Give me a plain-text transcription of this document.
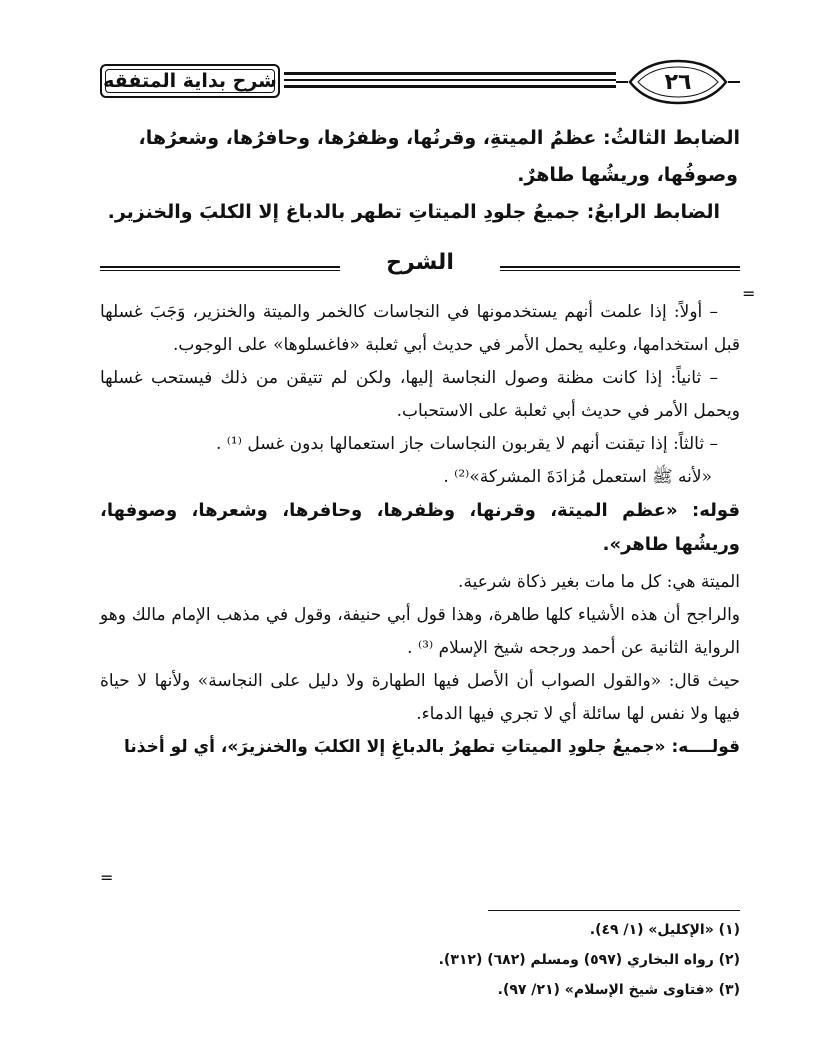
شرح بداية المتفقه	٢٦
الضابط الثالثُ: عظمُ الميتةِ، وقرنُها، وظفرُها، وحافرُها، وشعرُها،
وصوفُها، وريشُها طاهرٌ.
الضابط الرابعُ: جميعُ جلودِ الميتاتِ تطهر بالدباغ إلا الكلبَ والخنزير.
الشرح
=
– أولاً: إذا علمت أنهم يستخدمونها في النجاسات كالخمر والميتة والخنزير، وَجَبَ غسلها قبل استخدامها، وعليه يحمل الأمر في حديث أبي ثعلبة «فاغسلوها» على الوجوب.
– ثانياً: إذا كانت مظنة وصول النجاسة إليها، ولكن لم تتيقن من ذلك فيستحب غسلها ويحمل الأمر في حديث أبي ثعلبة على الاستحباب.
– ثالثاً: إذا تيقنت أنهم لا يقربون النجاسات جاز استعمالها بدون غسل ⁽¹⁾ .
«لأنه ﷺ استعمل مُزادَةَ المشركة»⁽²⁾ .
قوله: «عظم الميتة، وقرنها، وظفرها، وحافرها، وشعرها، وصوفها، وريشُها طاهر».
الميتة هي: كل ما مات بغير ذكاة شرعية.
والراجح أن هذه الأشياء كلها طاهرة، وهذا قول أبي حنيفة، وقول في مذهب الإمام مالك وهو الرواية الثانية عن أحمد ورجحه شيخ الإسلام ⁽³⁾ .
حيث قال: «والقول الصواب أن الأصل فيها الطهارة ولا دليل على النجاسة» ولأنها لا حياة فيها ولا نفس لها سائلة أي لا تجري فيها الدماء.
قولــــه: «جميعُ جلودِ الميتاتِ تطهرُ بالدباغِ إلا الكلبَ والخنزيرَ»، أي لو أخذنا
=
(١) «الإكليل» (١/ ٤٩).
(٢) رواه البخاري (٥٩٧) ومسلم (٦٨٢) (٣١٢).
(٣) «فتاوى شيخ الإسلام» (٢١/ ٩٧).
